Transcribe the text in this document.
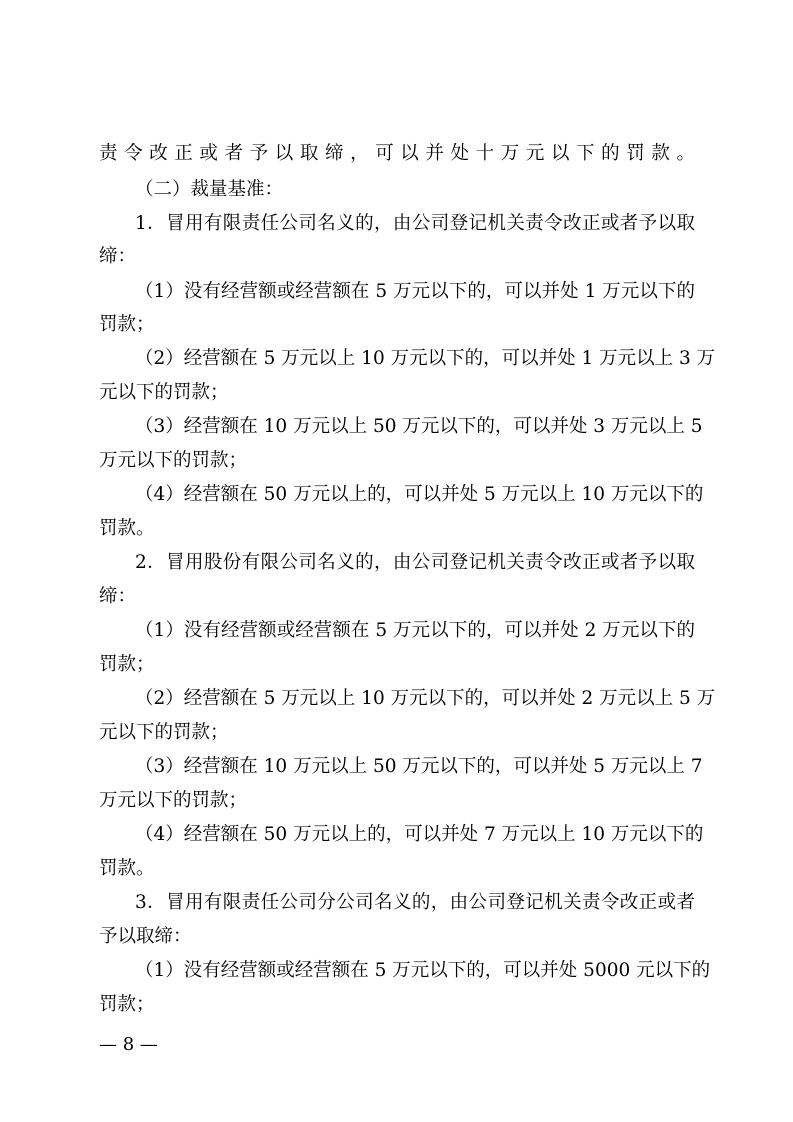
责令改正或者予以取缔，可以并处十万元以下的罚款。

（二）裁量基准：

1．冒用有限责任公司名义的，由公司登记机关责令改正或者予以取

缔：

（1）没有经营额或经营额在 5 万元以下的，可以并处 1 万元以下的

罚款；

（2）经营额在 5 万元以上 10 万元以下的，可以并处 1 万元以上 3 万

元以下的罚款；

（3）经营额在 10 万元以上 50 万元以下的，可以并处 3 万元以上 5

万元以下的罚款；

（4）经营额在 50 万元以上的，可以并处 5 万元以上 10 万元以下的

罚款。

2．冒用股份有限公司名义的，由公司登记机关责令改正或者予以取

缔：

（1）没有经营额或经营额在 5 万元以下的，可以并处 2 万元以下的

罚款；

（2）经营额在 5 万元以上 10 万元以下的，可以并处 2 万元以上 5 万

元以下的罚款；

（3）经营额在 10 万元以上 50 万元以下的，可以并处 5 万元以上 7

万元以下的罚款；

（4）经营额在 50 万元以上的，可以并处 7 万元以上 10 万元以下的

罚款。

3．冒用有限责任公司分公司名义的，由公司登记机关责令改正或者

予以取缔：

（1）没有经营额或经营额在 5 万元以下的，可以并处 5000 元以下的

罚款；

— 8 —
